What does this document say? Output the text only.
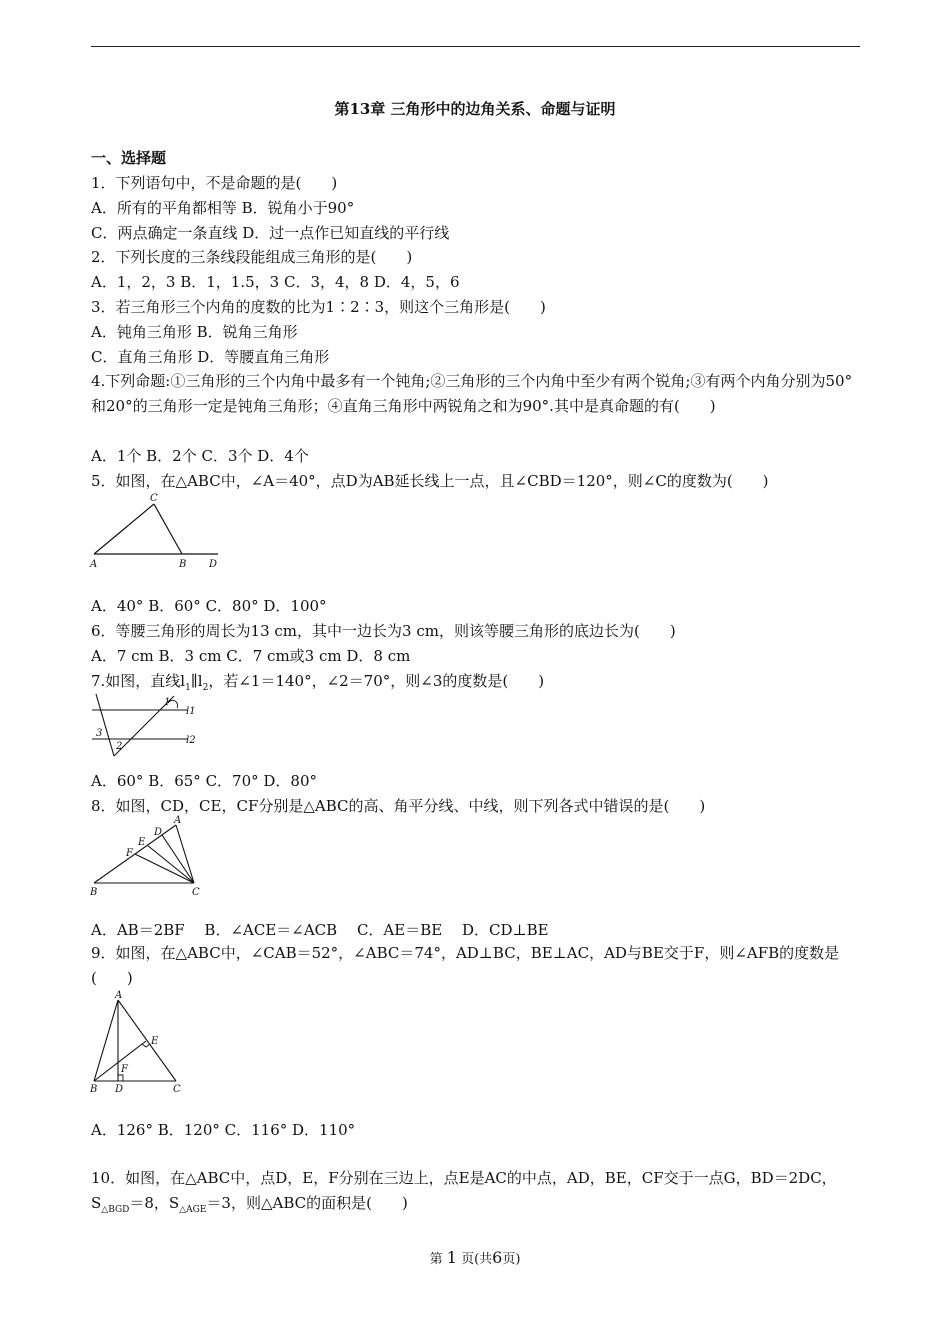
第13章 三角形中的边角关系、命题与证明
一、选择题
1．下列语句中，不是命题的是(　　)
A．所有的平角都相等 B．锐角小于90°
C．两点确定一条直线 D．过一点作已知直线的平行线
2．下列长度的三条线段能组成三角形的是(　　)
A．1，2，3 B．1，1.5，3 C．3，4，8 D．4，5，6
3．若三角形三个内角的度数的比为1∶2∶3，则这个三角形是(　　)
A．钝角三角形 B．锐角三角形
C．直角三角形 D．等腰直角三角形
4.下列命题:①三角形的三个内角中最多有一个钝角;②三角形的三个内角中至少有两个锐角;③有两个内角分别为50°和20°的三角形一定是钝角三角形；④直角三角形中两锐角之和为90°.其中是真命题的有(　　)
A．1个 B．2个 C．3个 D．4个
5．如图，在△ABC中，∠A＝40°，点D为AB延长线上一点，且∠CBD＝120°，则∠C的度数为(　　)
C
A	B D
A．40° B．60° C．80° D．100°
6．等腰三角形的周长为13 cm，其中一边长为3 cm，则该等腰三角形的底边长为(　　)
A．7 cm B．3 cm C．7 cm或3 cm D．8 cm
7.如图，直线$l_1\parallel l_2$，若∠1＝140°，∠2＝70°，则∠3的度数是(　　)
1
2
3
l1
l2
A．60° B．65° C．70° D．80°
8．如图，CD，CE，CF分别是△ABC的高、角平分线、中线，则下列各式中错误的是(　　)
A
D
E
F
B	C
A．AB＝2BF　 B．∠ACE＝∠ACB　 C．AE＝BE　 D．CD⊥BE
9．如图，在△ABC中，∠CAB＝52°，∠ABC＝74°，AD⊥BC，BE⊥AC，AD与BE交于F，则∠AFB的度数是(　　)
A
E
F
B D	C
A．126° B．120° C．116° D．110°
10．如图，在△ABC中，点D，E，F分别在三边上，点E是AC的中点，AD，BE，CF交于一点G，BD＝2DC，$S_{\triangle BGD}=8$，$S_{\triangle AGE}=3$，则△ABC的面积是(　　)
第 1 页(共6页)
